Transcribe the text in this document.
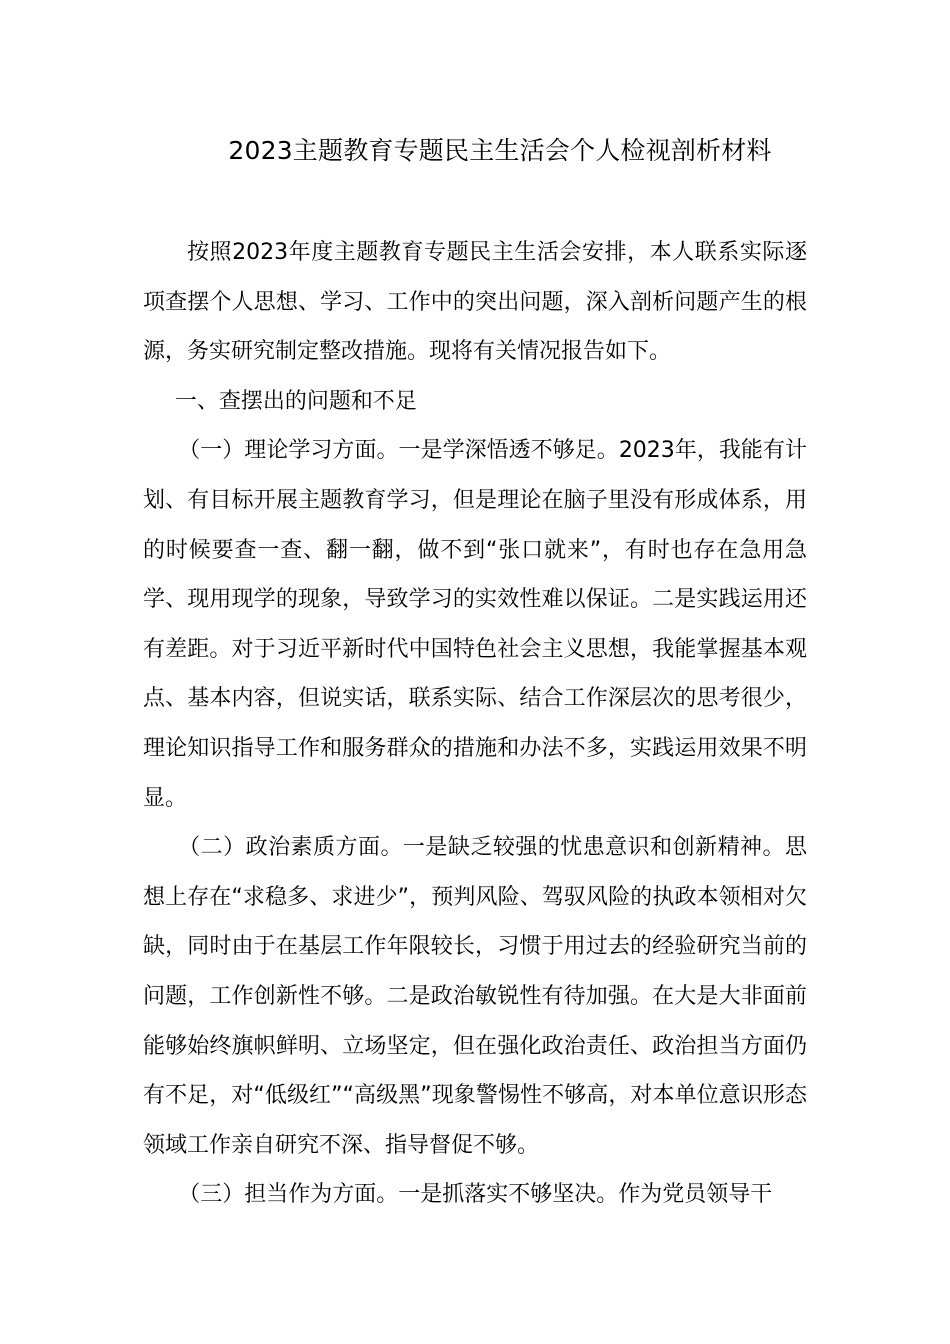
2023主题教育专题民主生活会个人检视剖析材料

按照2023年度主题教育专题民主生活会安排，本人联系实际逐项查摆个人思想、学习、工作中的突出问题，深入剖析问题产生的根源，务实研究制定整改措施。现将有关情况报告如下。

一、查摆出的问题和不足

（一）理论学习方面。一是学深悟透不够足。2023年，我能有计划、有目标开展主题教育学习，但是理论在脑子里没有形成体系，用的时候要查一查、翻一翻，做不到“张口就来”，有时也存在急用急学、现用现学的现象，导致学习的实效性难以保证。二是实践运用还有差距。对于习近平新时代中国特色社会主义思想，我能掌握基本观点、基本内容，但说实话，联系实际、结合工作深层次的思考很少，理论知识指导工作和服务群众的措施和办法不多，实践运用效果不明显。

（二）政治素质方面。一是缺乏较强的忧患意识和创新精神。思想上存在“求稳多、求进少”，预判风险、驾驭风险的执政本领相对欠缺，同时由于在基层工作年限较长，习惯于用过去的经验研究当前的问题，工作创新性不够。二是政治敏锐性有待加强。在大是大非面前能够始终旗帜鲜明、立场坚定，但在强化政治责任、政治担当方面仍有不足，对“低级红”“高级黑”现象警惕性不够高，对本单位意识形态领域工作亲自研究不深、指导督促不够。

（三）担当作为方面。一是抓落实不够坚决。作为党员领导干
